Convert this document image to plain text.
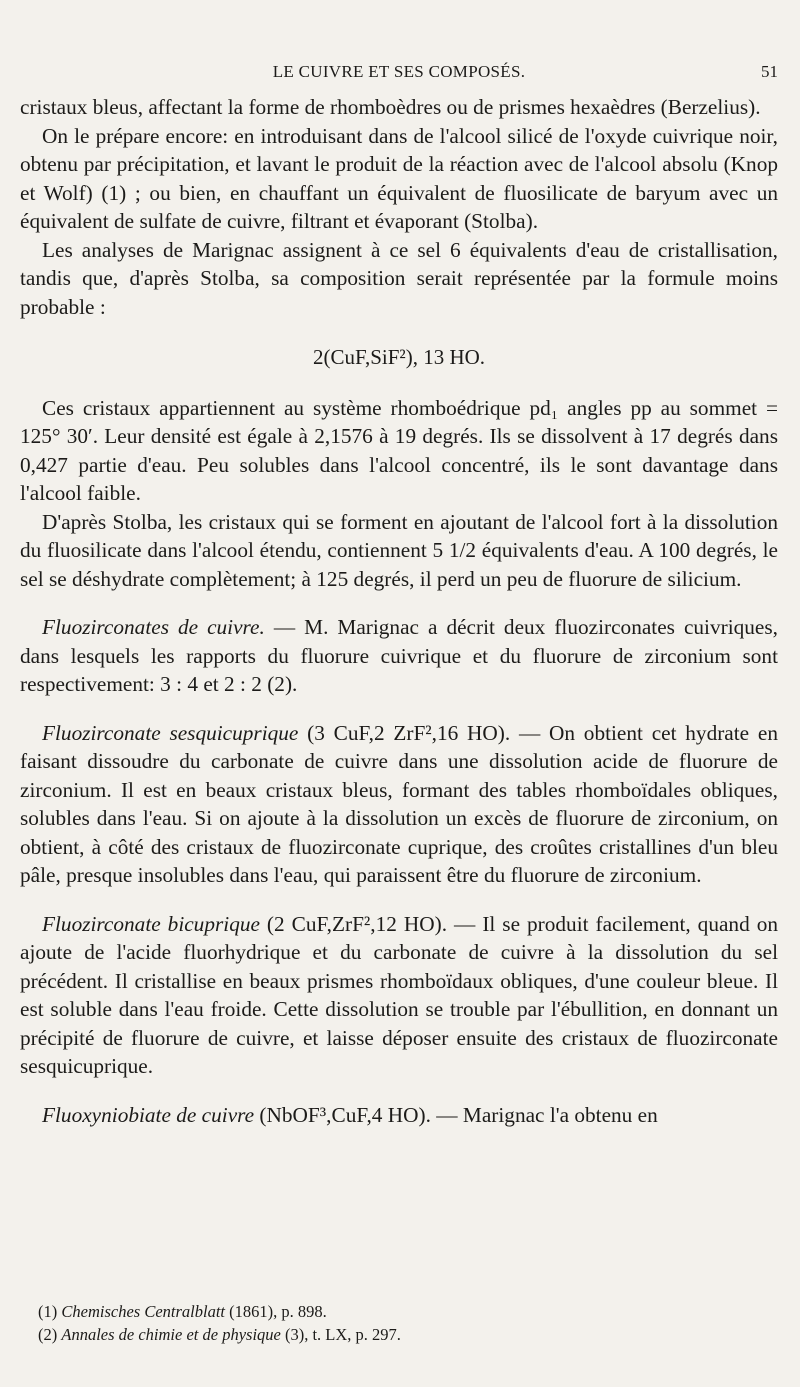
LE CUIVRE ET SES COMPOSÉS.	51

cristaux bleus, affectant la forme de rhomboèdres ou de prismes hexaèdres (Berzelius).

On le prépare encore: en introduisant dans de l'alcool silicé de l'oxyde cuivrique noir, obtenu par précipitation, et lavant le produit de la réaction avec de l'alcool absolu (Knop et Wolf) (1) ; ou bien, en chauffant un équivalent de fluosilicate de baryum avec un équivalent de sulfate de cuivre, filtrant et évaporant (Stolba).

Les analyses de Marignac assignent à ce sel 6 équivalents d'eau de cristallisation, tandis que, d'après Stolba, sa composition serait représentée par la formule moins probable :

2(CuF,SiF²), 13 HO.

Ces cristaux appartiennent au système rhomboédrique pd₁ angles pp au sommet = 125° 30′. Leur densité est égale à 2,1576 à 19 degrés. Ils se dissolvent à 17 degrés dans 0,427 partie d'eau. Peu solubles dans l'alcool concentré, ils le sont davantage dans l'alcool faible.

D'après Stolba, les cristaux qui se forment en ajoutant de l'alcool fort à la dissolution du fluosilicate dans l'alcool étendu, contiennent 5 1/2 équivalents d'eau. A 100 degrés, le sel se déshydrate complètement; à 125 degrés, il perd un peu de fluorure de silicium.

Fluozirconates de cuivre. — M. Marignac a décrit deux fluozirconates cuivriques, dans lesquels les rapports du fluorure cuivrique et du fluorure de zirconium sont respectivement: 3 : 4 et 2 : 2 (2).

Fluozirconate sesquicuprique (3 CuF,2 ZrF²,16 HO). — On obtient cet hydrate en faisant dissoudre du carbonate de cuivre dans une dissolution acide de fluorure de zirconium. Il est en beaux cristaux bleus, formant des tables rhomboïdales obliques, solubles dans l'eau. Si on ajoute à la dissolution un excès de fluorure de zirconium, on obtient, à côté des cristaux de fluozirconate cuprique, des croûtes cristallines d'un bleu pâle, presque insolubles dans l'eau, qui paraissent être du fluorure de zirconium.

Fluozirconate bicuprique (2 CuF,ZrF²,12 HO). — Il se produit facilement, quand on ajoute de l'acide fluorhydrique et du carbonate de cuivre à la dissolution du sel précédent. Il cristallise en beaux prismes rhomboïdaux obliques, d'une couleur bleue. Il est soluble dans l'eau froide. Cette dissolution se trouble par l'ébullition, en donnant un précipité de fluorure de cuivre, et laisse déposer ensuite des cristaux de fluozirconate sesquicuprique.

Fluoxyniobiate de cuivre (NbOF³,CuF,4 HO). — Marignac l'a obtenu en

(1) Chemisches Centralblatt (1861), p. 898.
(2) Annales de chimie et de physique (3), t. LX, p. 297.
